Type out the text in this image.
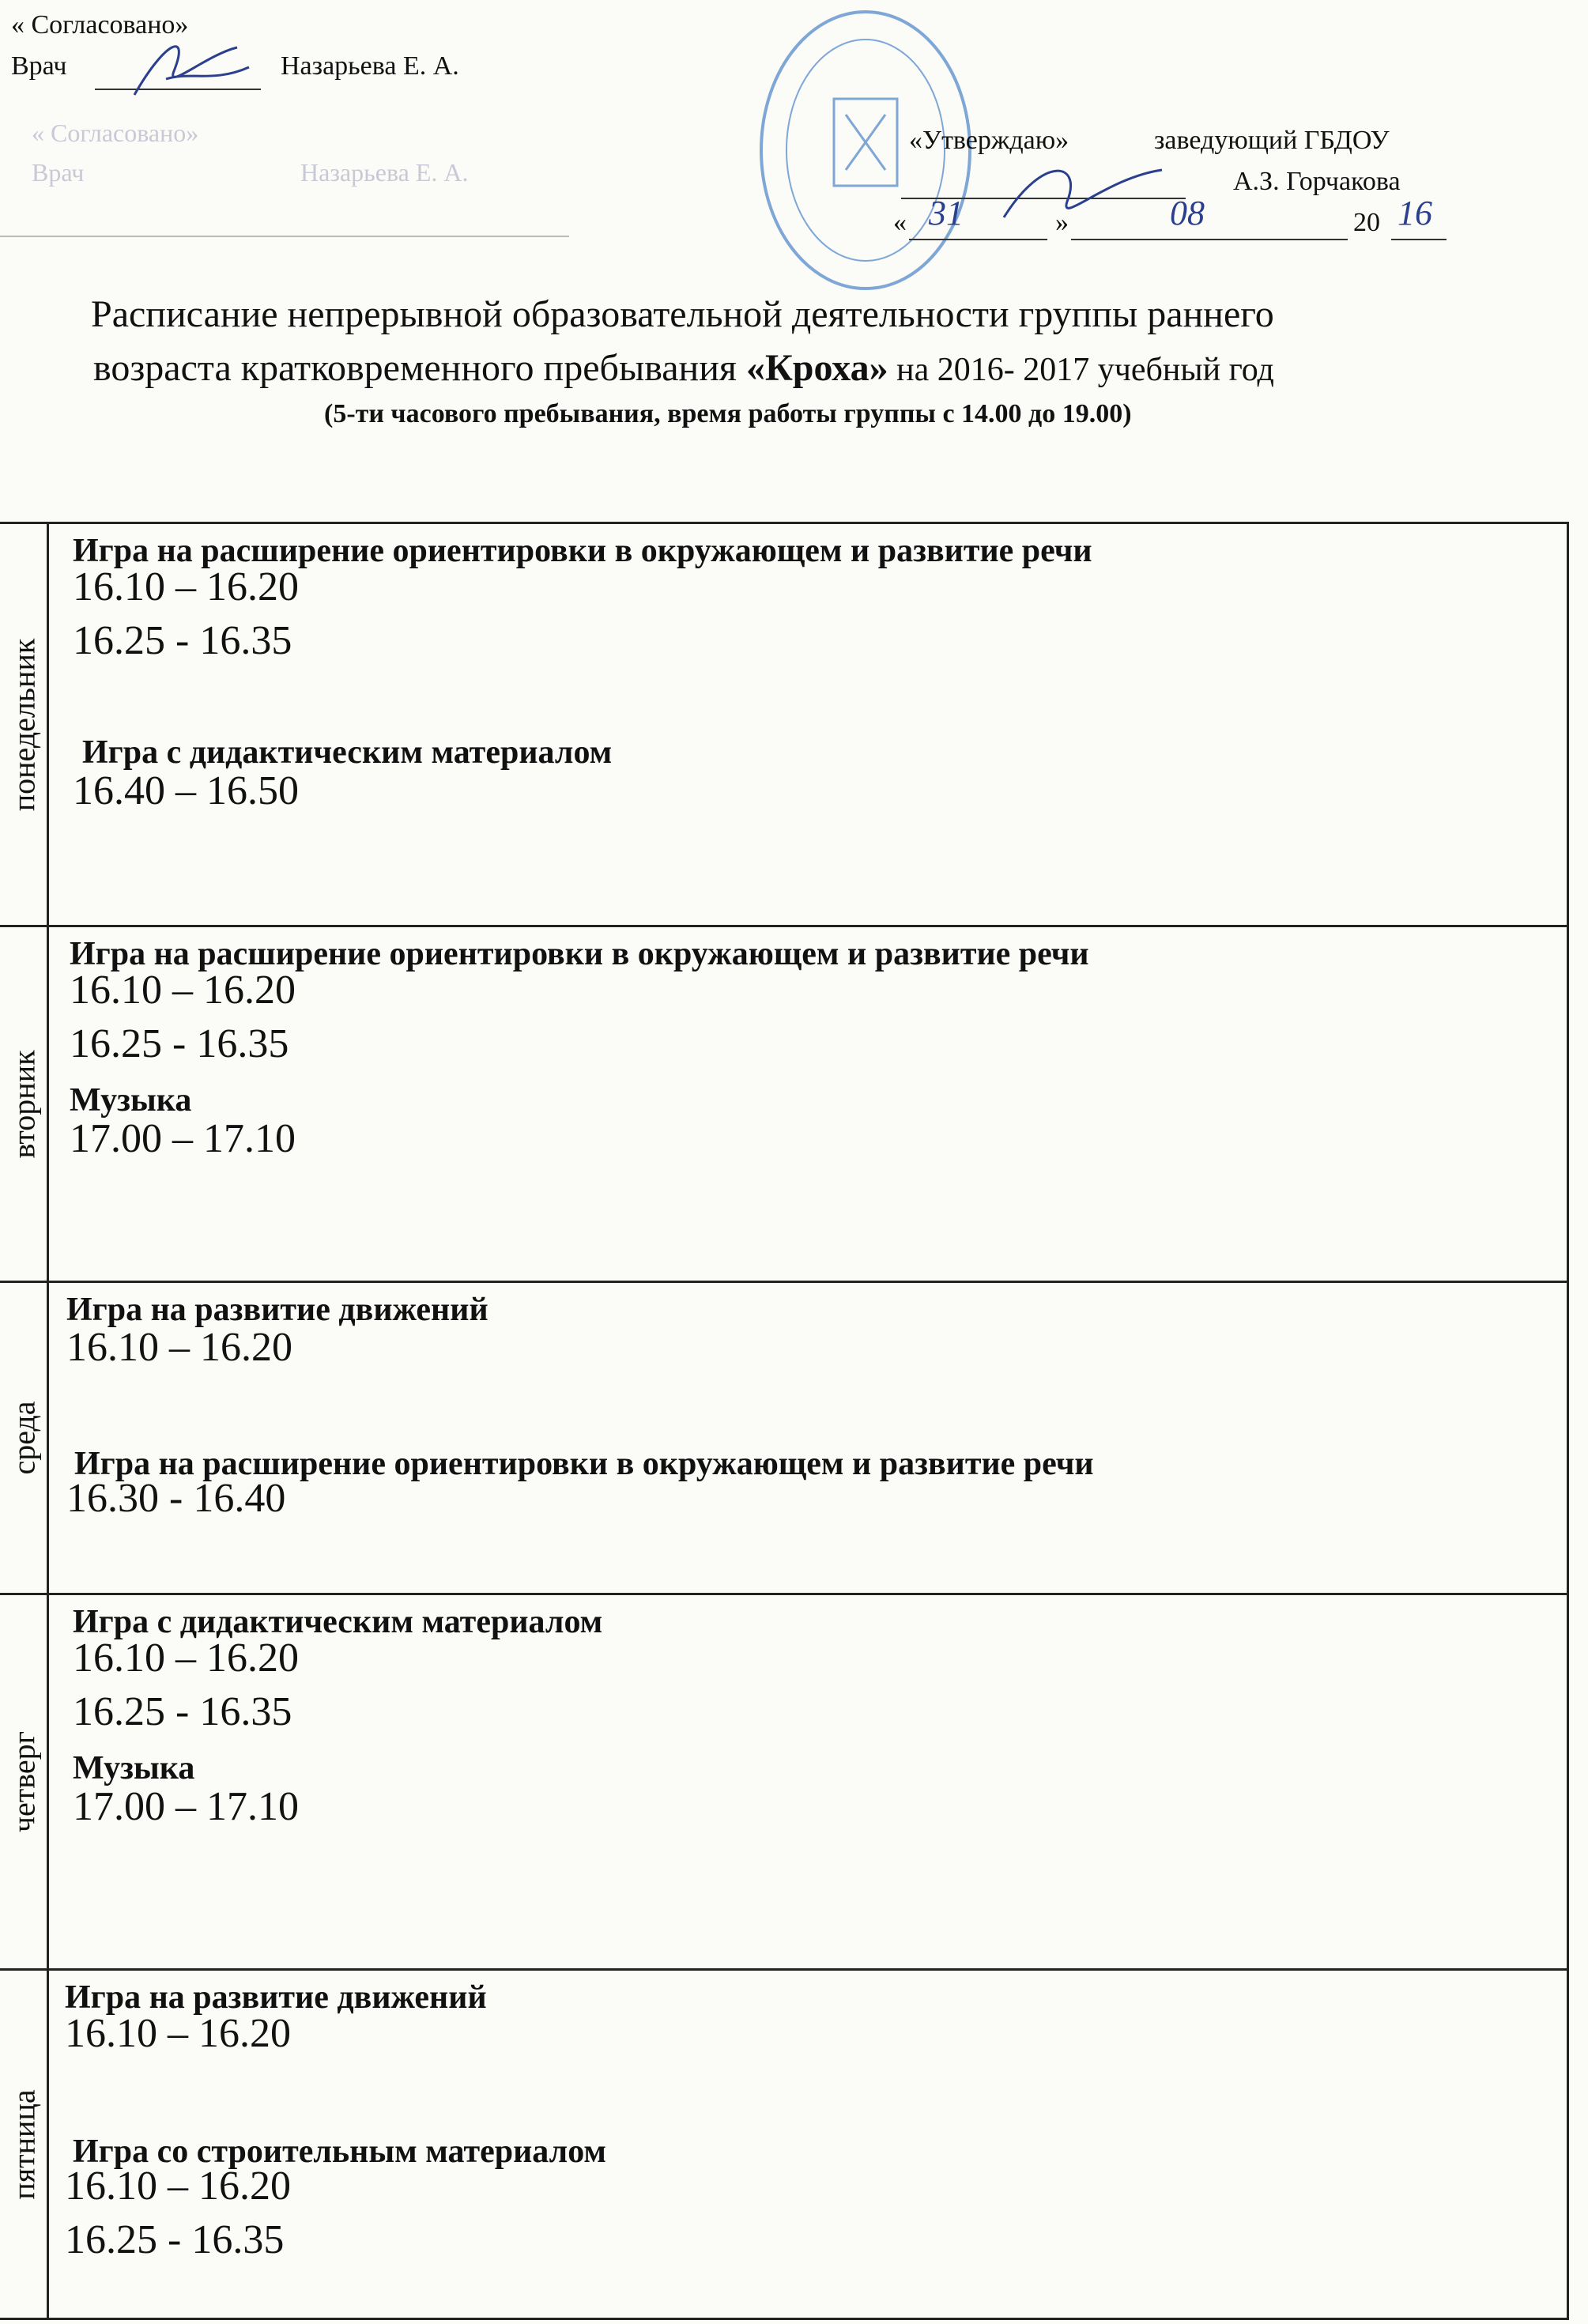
« Согласовано»
Врач	Назарьева Е. А.
« Согласовано»
Врач	Назарьева Е. А.
«Утверждаю»	заведующий ГБДОУ
А.З. Горчакова
« 31	»	08	20 16
Расписание непрерывной образовательной деятельности группы раннего
возраста кратковременного пребывания «Кроха» на 2016- 2017 учебный год
(5-ти часового пребывания, время работы группы с 14.00 до 19.00)
понедельник
Игра на расширение ориентировки в окружающем и развитие речи
16.10 – 16.20
16.25 - 16.35
Игра с дидактическим материалом
16.40 – 16.50
вторник
Игра на расширение ориентировки в окружающем и развитие речи
16.10 – 16.20
16.25 - 16.35
Музыка
17.00 – 17.10
среда
Игра на развитие движений
16.10 – 16.20
Игра на расширение ориентировки в окружающем и развитие речи
16.30 - 16.40
четверг
Игра с дидактическим материалом
16.10 – 16.20
16.25 - 16.35
Музыка
17.00 – 17.10
пятница
Игра на развитие движений
16.10 – 16.20
Игра со строительным материалом
16.10 – 16.20
16.25 - 16.35
